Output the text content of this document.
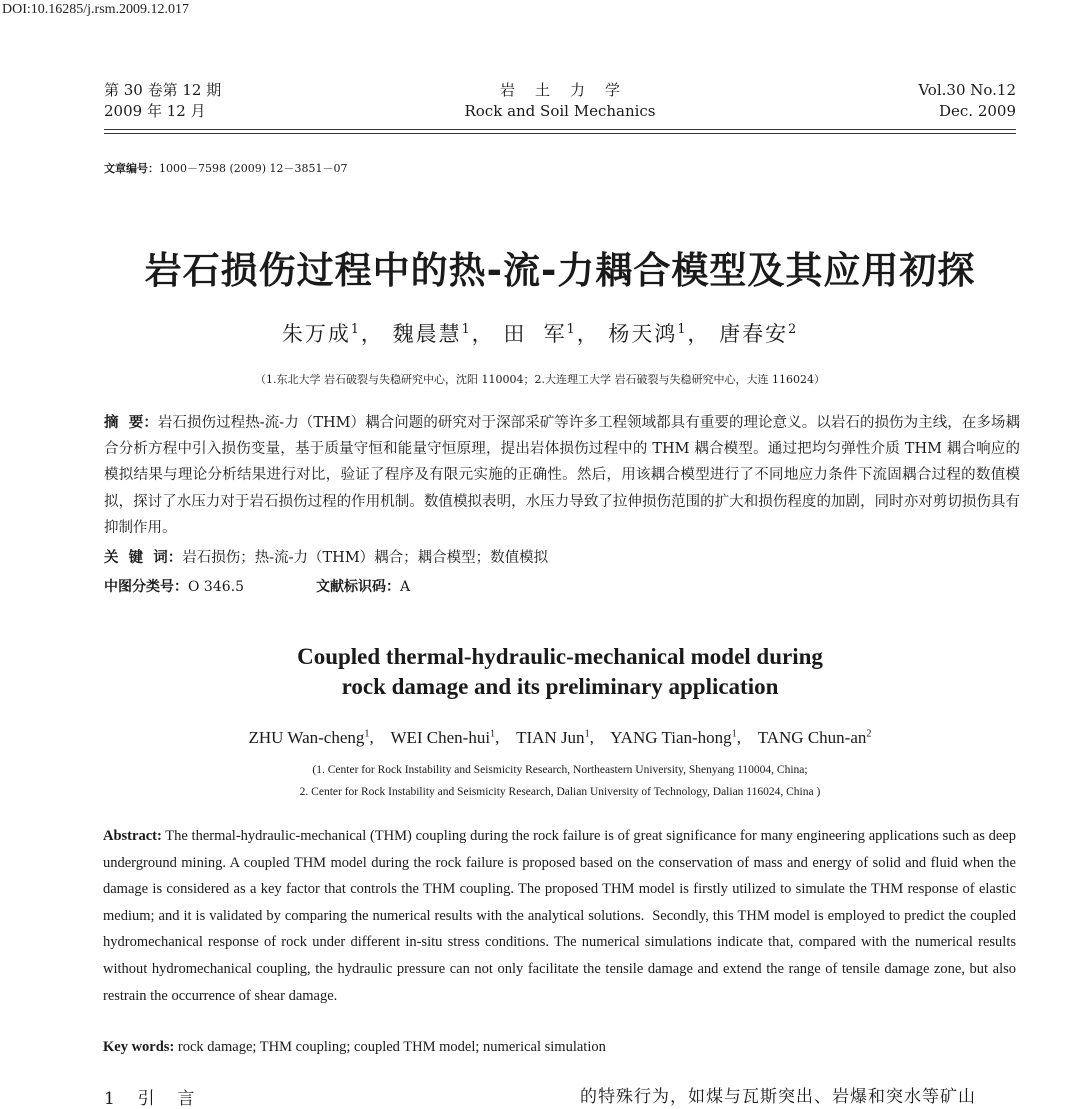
DOI:10.16285/j.rsm.2009.12.017
第 30 卷第 12 期
2009 年 12 月
岩土力学
Rock and Soil Mechanics
Vol.30 No.12
Dec. 2009
文章编号：1000－7598 (2009) 12－3851－07
岩石损伤过程中的热-流-力耦合模型及其应用初探
朱万成$^1$， 魏晨慧$^1$， 田  军$^1$， 杨天鸿$^1$， 唐春安$^2$
（1.东北大学 岩石破裂与失稳研究中心，沈阳 110004；2.大连理工大学 岩石破裂与失稳研究中心，大连 116024）
摘  要：岩石损伤过程热-流-力（THM）耦合问题的研究对于深部采矿等许多工程领域都具有重要的理论意义。以岩石的损伤为主线，在多场耦合分析方程中引入损伤变量，基于质量守恒和能量守恒原理，提出岩体损伤过程中的 THM 耦合模型。通过把均匀弹性介质 THM 耦合响应的模拟结果与理论分析结果进行对比，验证了程序及有限元实施的正确性。然后，用该耦合模型进行了不同地应力条件下流固耦合过程的数值模拟，探讨了水压力对于岩石损伤过程的作用机制。数值模拟表明，水压力导致了拉伸损伤范围的扩大和损伤程度的加剧，同时亦对剪切损伤具有抑制作用。
关  键  词：岩石损伤；热-流-力（THM）耦合；耦合模型；数值模拟
中图分类号：O 346.5	文献标识码：A
Coupled thermal-hydraulic-mechanical model during
rock damage and its preliminary application
ZHU Wan-cheng$^1$,    WEI Chen-hui$^1$,    TIAN Jun$^1$,    YANG Tian-hong$^1$,    TANG Chun-$an^2$
(1. Center for Rock Instability and Seismicity Research, Northeastern University, Shenyang 110004, China;
2. Center for Rock Instability and Seismicity Research, Dalian University of Technology, Dalian 116024, China )
Abstract: The thermal-hydraulic-mechanical (THM) coupling during the rock failure is of great significance for many engineering applications such as deep underground mining. A coupled THM model during the rock failure is proposed based on the conservation of mass and energy of solid and fluid when the damage is considered as a key factor that controls the THM coupling. The proposed THM model is firstly utilized to simulate the THM response of elastic medium; and it is validated by comparing the numerical results with the analytical solutions.  Secondly, this THM model is employed to predict the coupled hydromechanical response of rock under different in-situ stress conditions. The numerical simulations indicate that, compared with the numerical results without hydromechanical coupling, the hydraulic pressure can not only facilitate the tensile damage and extend the range of tensile damage zone, but also restrain the occurrence of shear damage.
Key words: rock damage; THM coupling; coupled THM model; numerical simulation
1  引  言	的特殊行为，如煤与瓦斯突出、岩爆和突水等矿山
